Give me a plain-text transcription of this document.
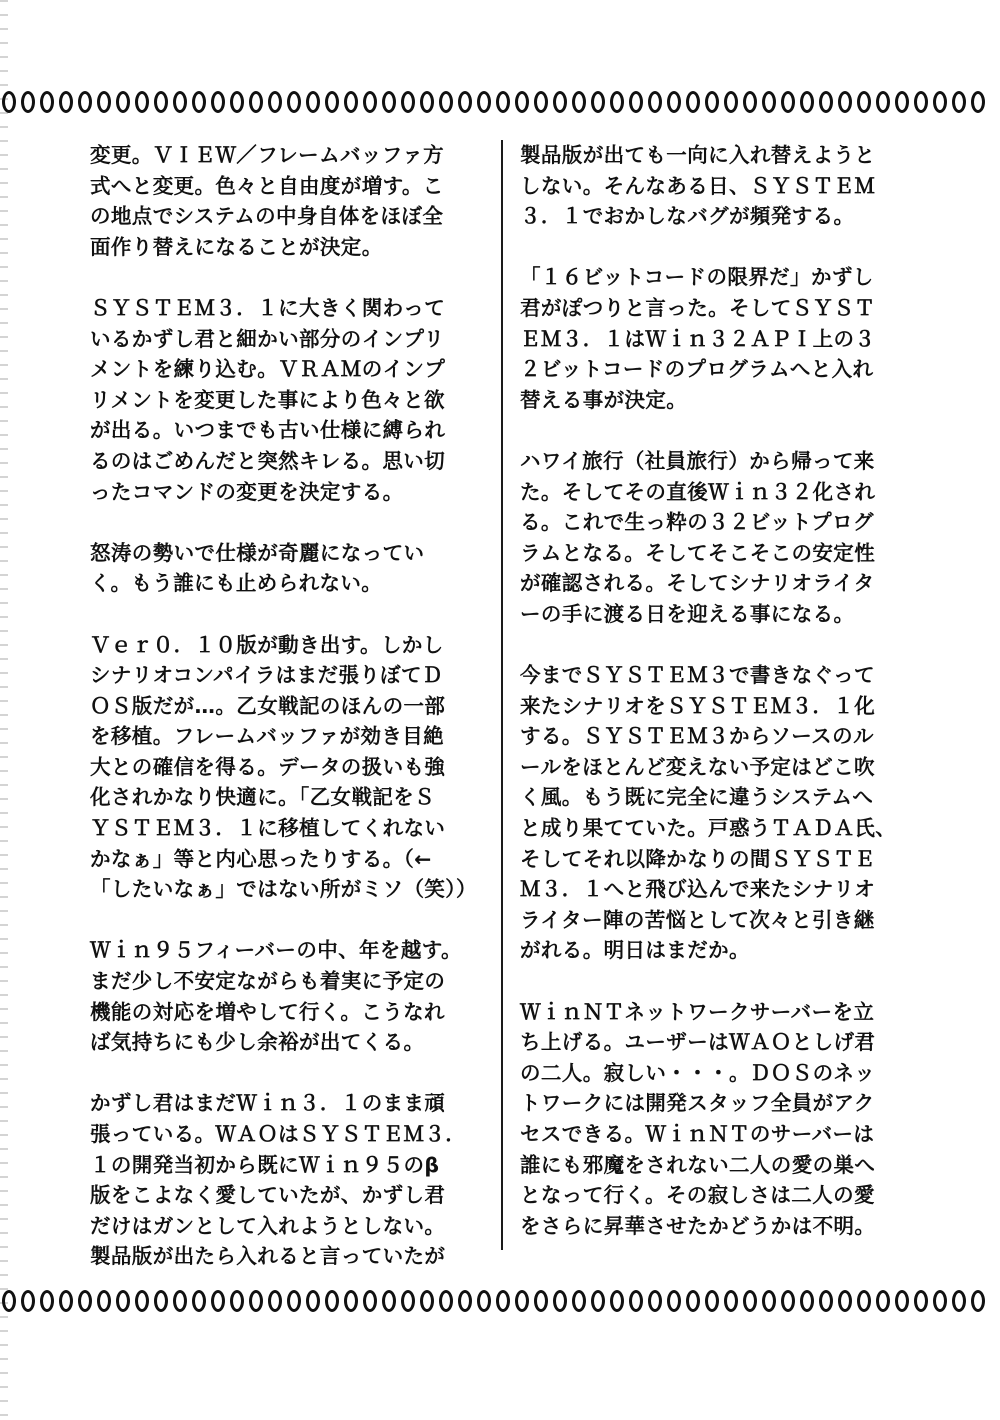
変更。ＶＩＥＷ／フレームバッファ方
式へと変更。色々と自由度が増す。こ
の地点でシステムの中身自体をほぼ全
面作り替えになることが決定。

ＳＹＳＴＥＭ３．１に大きく関わって
いるかずし君と細かい部分のインプリ
メントを練り込む。ＶＲＡＭのインプ
リメントを変更した事により色々と欲
が出る。いつまでも古い仕様に縛られ
るのはごめんだと突然キレる。思い切
ったコマンドの変更を決定する。

怒涛の勢いで仕様が奇麗になってい
く。もう誰にも止められない。

Ｖｅｒ０．１０版が動き出す。しかし
シナリオコンパイラはまだ張りぼてＤ
ＯＳ版だが…。乙女戦記のほんの一部
を移植。フレームバッファが効き目絶
大との確信を得る。データの扱いも強
化されかなり快適に。「乙女戦記をＳ
ＹＳＴＥＭ３．１に移植してくれない
かなぁ」等と内心思ったりする。（←
「したいなぁ」ではない所がミソ（笑））

Ｗｉｎ９５フィーバーの中、年を越す。
まだ少し不安定ながらも着実に予定の
機能の対応を増やして行く。こうなれ
ば気持ちにも少し余裕が出てくる。

かずし君はまだＷｉｎ３．１のまま頑
張っている。ＷＡＯはＳＹＳＴＥＭ３．
１の開発当初から既にＷｉｎ９５のβ
版をこよなく愛していたが、かずし君
だけはガンとして入れようとしない。
製品版が出たら入れると言っていたが

製品版が出ても一向に入れ替えようと
しない。そんなある日、ＳＹＳＴＥＭ
３．１でおかしなバグが頻発する。

「１６ビットコードの限界だ」かずし
君がぽつりと言った。そしてＳＹＳＴ
ＥＭ３．１はＷｉｎ３２ＡＰＩ上の３
２ビットコードのプログラムへと入れ
替える事が決定。

ハワイ旅行（社員旅行）から帰って来
た。そしてその直後Ｗｉｎ３２化され
る。これで生っ粋の３２ビットプログ
ラムとなる。そしてそこそこの安定性
が確認される。そしてシナリオライタ
ーの手に渡る日を迎える事になる。

今までＳＹＳＴＥＭ３で書きなぐって
来たシナリオをＳＹＳＴＥＭ３．１化
する。ＳＹＳＴＥＭ３からソースのル
ールをほとんど変えない予定はどこ吹
く風。もう既に完全に違うシステムへ
と成り果てていた。戸惑うＴＡＤＡ氏、
そしてそれ以降かなりの間ＳＹＳＴＥ
Ｍ３．１へと飛び込んで来たシナリオ
ライター陣の苦悩として次々と引き継
がれる。明日はまだか。

ＷｉｎＮＴネットワークサーバーを立
ち上げる。ユーザーはＷＡＯとしげ君
の二人。寂しい・・・。ＤＯＳのネッ
トワークには開発スタッフ全員がアク
セスできる。ＷｉｎＮＴのサーバーは
誰にも邪魔をされない二人の愛の巣へ
となって行く。その寂しさは二人の愛
をさらに昇華させたかどうかは不明。
